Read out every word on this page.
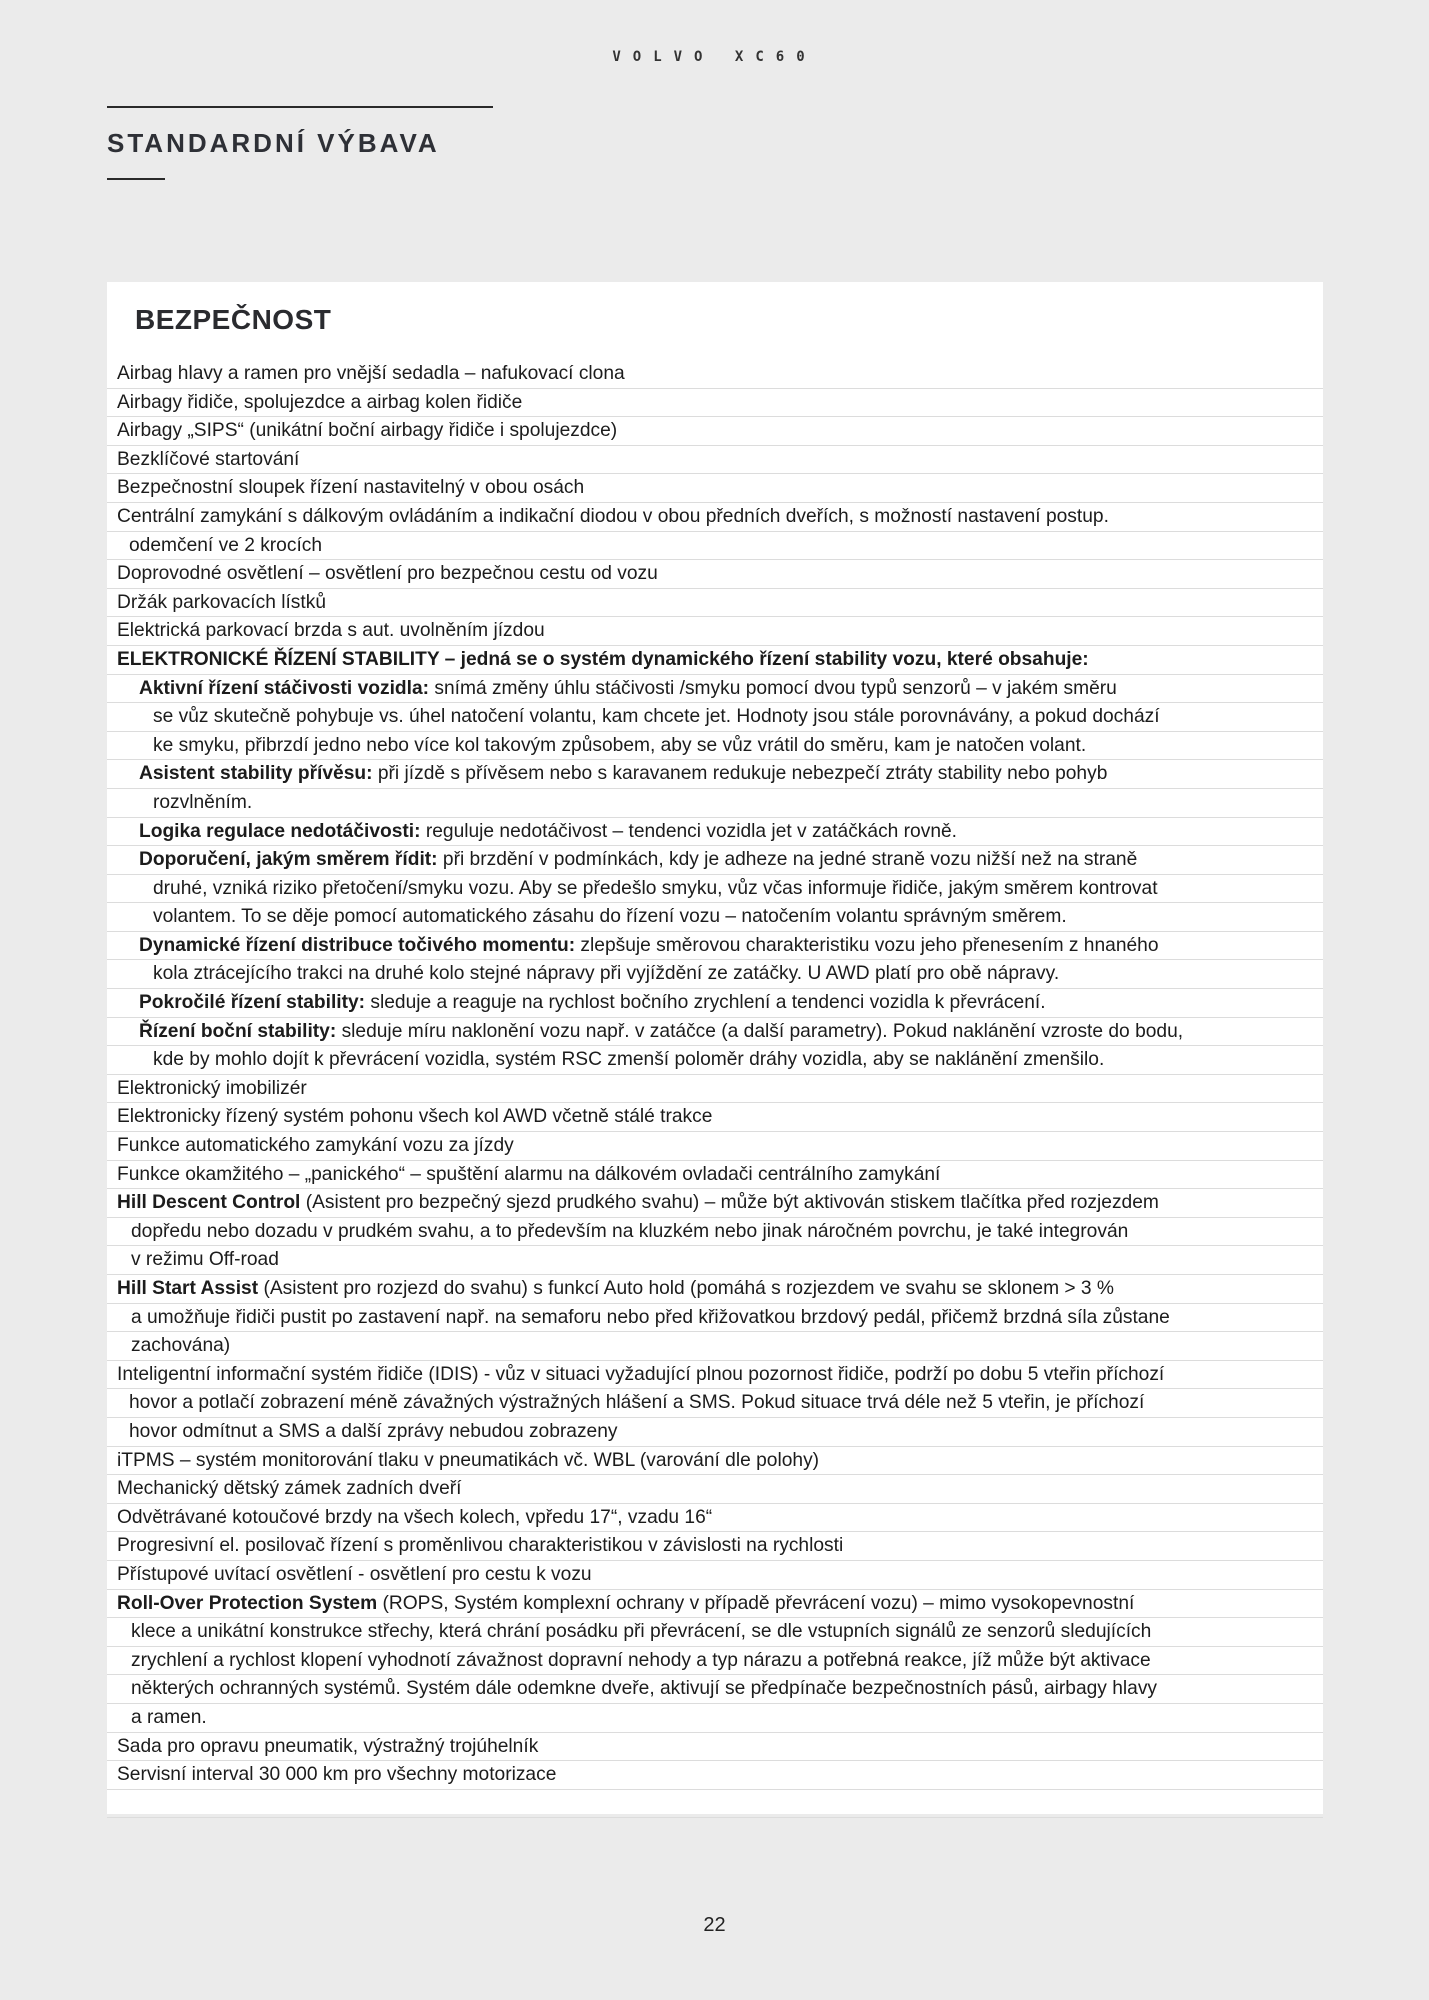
VOLVO XC60
STANDARDNÍ VÝBAVA
BEZPEČNOST
Airbag hlavy a ramen pro vnější sedadla – nafukovací clona
Airbagy řidiče, spolujezdce a airbag kolen řidiče
Airbagy „SIPS“ (unikátní boční airbagy řidiče i spolujezdce)
Bezklíčové startování
Bezpečnostní sloupek řízení nastavitelný v obou osách
Centrální zamykání s dálkovým ovládáním a indikační diodou v obou předních dveřích, s možností nastavení postup.
odemčení ve 2 krocích
Doprovodné osvětlení – osvětlení pro bezpečnou cestu od vozu
Držák parkovacích lístků
Elektrická parkovací brzda s aut. uvolněním jízdou
ELEKTRONICKÉ ŘÍZENÍ STABILITY – jedná se o systém dynamického řízení stability vozu, které obsahuje:
Aktivní řízení stáčivosti vozidla: snímá změny úhlu stáčivosti /smyku pomocí dvou typů senzorů – v jakém směru
se vůz skutečně pohybuje vs. úhel natočení volantu, kam chcete jet. Hodnoty jsou stále porovnávány, a pokud dochází
ke smyku, přibrzdí jedno nebo více kol takovým způsobem, aby se vůz vrátil do směru, kam je natočen volant.
Asistent stability přívěsu: při jízdě s přívěsem nebo s karavanem redukuje nebezpečí ztráty stability nebo pohyb
rozvlněním.
Logika regulace nedotáčivosti: reguluje nedotáčivost – tendenci vozidla jet v zatáčkách rovně.
Doporučení, jakým směrem řídit: při brzdění v podmínkách, kdy je adheze na jedné straně vozu nižší než na straně
druhé, vzniká riziko přetočení/smyku vozu. Aby se předešlo smyku, vůz včas informuje řidiče, jakým směrem kontrovat
volantem. To se děje pomocí automatického zásahu do řízení vozu – natočením volantu správným směrem.
Dynamické řízení distribuce točivého momentu: zlepšuje směrovou charakteristiku vozu jeho přenesením z hnaného
kola ztrácejícího trakci na druhé kolo stejné nápravy při vyjíždění ze zatáčky. U AWD platí pro obě nápravy.
Pokročilé řízení stability: sleduje a reaguje na rychlost bočního zrychlení a tendenci vozidla k převrácení.
Řízení boční stability: sleduje míru naklonění vozu např. v zatáčce (a další parametry). Pokud naklánění vzroste do bodu,
kde by mohlo dojít k převrácení vozidla, systém RSC zmenší poloměr dráhy vozidla, aby se naklánění zmenšilo.
Elektronický imobilizér
Elektronicky řízený systém pohonu všech kol AWD včetně stálé trakce
Funkce automatického zamykání vozu za jízdy
Funkce okamžitého – „panického“ – spuštění alarmu na dálkovém ovladači centrálního zamykání
Hill Descent Control (Asistent pro bezpečný sjezd prudkého svahu) – může být aktivován stiskem tlačítka před rozjezdem
dopředu nebo dozadu v prudkém svahu, a to především na kluzkém nebo jinak náročném povrchu, je také integrován
v režimu Off-road
Hill Start Assist (Asistent pro rozjezd do svahu) s funkcí Auto hold (pomáhá s rozjezdem ve svahu se sklonem > 3 %
a umožňuje řidiči pustit po zastavení např. na semaforu nebo před křižovatkou brzdový pedál, přičemž brzdná síla zůstane
zachována)
Inteligentní informační systém řidiče (IDIS) - vůz v situaci vyžadující plnou pozornost řidiče, podrží po dobu 5 vteřin příchozí
hovor a potlačí zobrazení méně závažných výstražných hlášení a SMS. Pokud situace trvá déle než 5 vteřin, je příchozí
hovor odmítnut a SMS a další zprávy nebudou zobrazeny
iTPMS – systém monitorování tlaku v pneumatikách vč. WBL (varování dle polohy)
Mechanický dětský zámek zadních dveří
Odvětrávané kotoučové brzdy na všech kolech, vpředu 17“, vzadu 16“
Progresivní el. posilovač řízení s proměnlivou charakteristikou v závislosti na rychlosti
Přístupové uvítací osvětlení - osvětlení pro cestu k vozu
Roll-Over Protection System (ROPS, Systém komplexní ochrany v případě převrácení vozu) – mimo vysokopevnostní
klece a unikátní konstrukce střechy, která chrání posádku při převrácení, se dle vstupních signálů ze senzorů sledujících
zrychlení a rychlost klopení vyhodnotí závažnost dopravní nehody a typ nárazu a potřebná reakce, jíž může být aktivace
některých ochranných systémů. Systém dále odemkne dveře, aktivují se předpínače bezpečnostních pásů, airbagy hlavy
a ramen.
Sada pro opravu pneumatik, výstražný trojúhelník
Servisní interval 30 000 km pro všechny motorizace
22
